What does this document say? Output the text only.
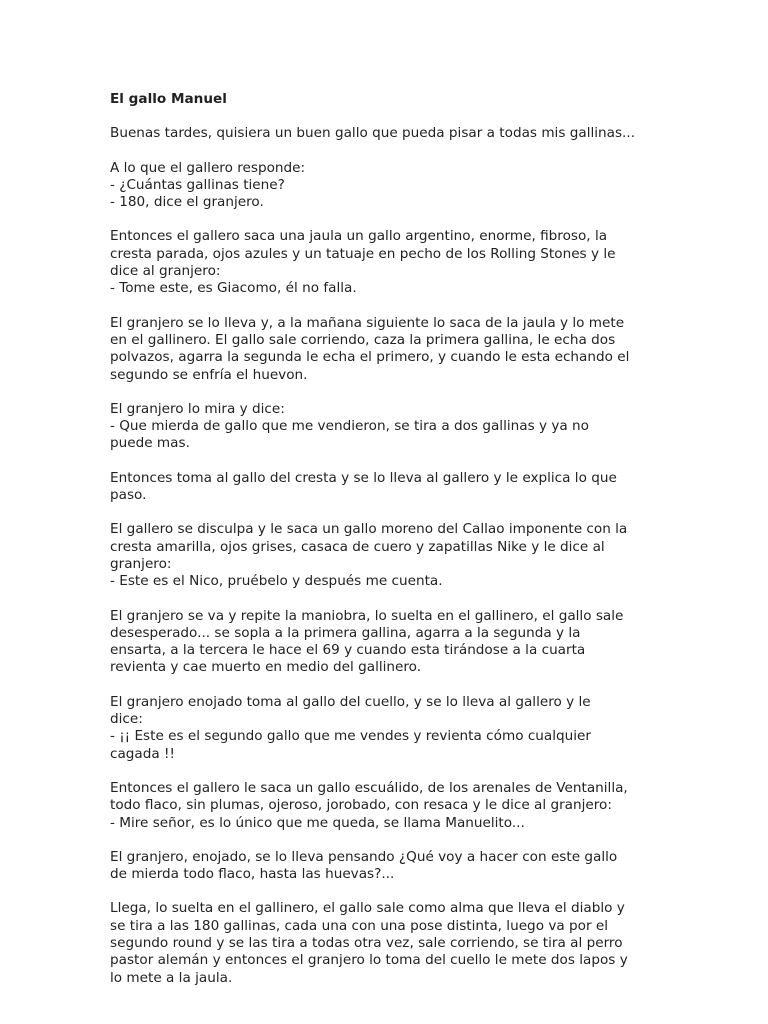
El gallo Manuel
Buenas tardes, quisiera un buen gallo que pueda pisar a todas mis gallinas...
A lo que el gallero responde:
- ¿Cuántas gallinas tiene?
- 180, dice el granjero.
Entonces el gallero saca una jaula un gallo argentino, enorme, fibroso, la
cresta parada, ojos azules y un tatuaje en pecho de los Rolling Stones y le
dice al granjero:
- Tome este, es Giacomo, él no falla.
El granjero se lo lleva y, a la mañana siguiente lo saca de la jaula y lo mete
en el gallinero. El gallo sale corriendo, caza la primera gallina, le echa dos
polvazos, agarra la segunda le echa el primero, y cuando le esta echando el
segundo se enfría el huevon.
El granjero lo mira y dice:
- Que mierda de gallo que me vendieron, se tira a dos gallinas y ya no
puede mas.
Entonces toma al gallo del cresta y se lo lleva al gallero y le explica lo que
paso.
El gallero se disculpa y le saca un gallo moreno del Callao imponente con la
cresta amarilla, ojos grises, casaca de cuero y zapatillas Nike y le dice al
granjero:
- Este es el Nico, pruébelo y después me cuenta.
El granjero se va y repite la maniobra, lo suelta en el gallinero, el gallo sale
desesperado... se sopla a la primera gallina, agarra a la segunda y la
ensarta, a la tercera le hace el 69 y cuando esta tirándose a la cuarta
revienta y cae muerto en medio del gallinero.
El granjero enojado toma al gallo del cuello, y se lo lleva al gallero y le
dice:
- ¡¡ Este es el segundo gallo que me vendes y revienta cómo cualquier
cagada !!
Entonces el gallero le saca un gallo escuálido, de los arenales de Ventanilla,
todo flaco, sin plumas, ojeroso, jorobado, con resaca y le dice al granjero:
- Mire señor, es lo único que me queda, se llama Manuelito...
El granjero, enojado, se lo lleva pensando ¿Qué voy a hacer con este gallo
de mierda todo flaco, hasta las huevas?...
Llega, lo suelta en el gallinero, el gallo sale como alma que lleva el diablo y
se tira a las 180 gallinas, cada una con una pose distinta, luego va por el
segundo round y se las tira a todas otra vez, sale corriendo, se tira al perro
pastor alemán y entonces el granjero lo toma del cuello le mete dos lapos y
lo mete a la jaula.
